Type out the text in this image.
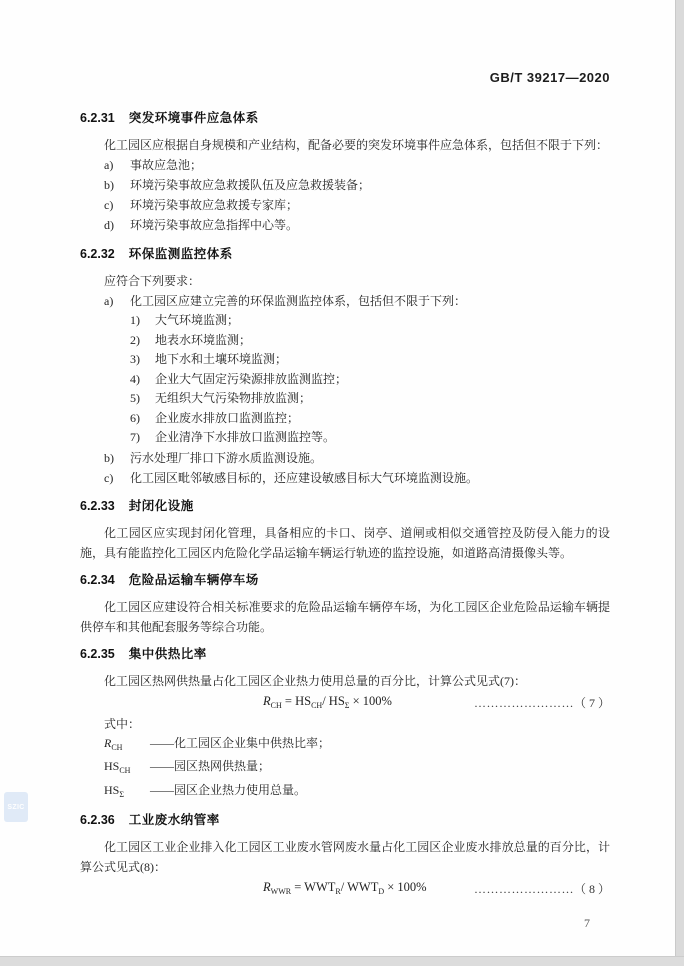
SZIC
GB/T 39217—2020
6.2.31 突发环境事件应急体系
化工园区应根据自身规模和产业结构，配备必要的突发环境事件应急体系，包括但不限于下列：
a)	事故应急池；
b)	环境污染事故应急救援队伍及应急救援装备；
c)	环境污染事故应急救援专家库；
d)	环境污染事故应急指挥中心等。
6.2.32 环保监测监控体系
应符合下列要求：
a)	化工园区应建立完善的环保监测监控体系，包括但不限于下列：
1)	大气环境监测；
2)	地表水环境监测；
3)	地下水和土壤环境监测；
4)	企业大气固定污染源排放监测监控；
5)	无组织大气污染物排放监测；
6)	企业废水排放口监测监控；
7)	企业清净下水排放口监测监控等。
b)	污水处理厂排口下游水质监测设施。
c)	化工园区毗邻敏感目标的，还应建设敏感目标大气环境监测设施。
6.2.33 封闭化设施
化工园区应实现封闭化管理，具备相应的卡口、岗亭、道闸或相似交通管控及防侵入能力的设施，具有能监控化工园区内危险化学品运输车辆运行轨迹的监控设施，如道路高清摄像头等。
6.2.34 危险品运输车辆停车场
化工园区应建设符合相关标准要求的危险品运输车辆停车场，为化工园区企业危险品运输车辆提供停车和其他配套服务等综合功能。
6.2.35 集中供热比率
化工园区热网供热量占化工园区企业热力使用总量的百分比，计算公式见式(7)：
$R_{CH} = HS_{CH}/$ $HS_\Sigma \times 100\%$	……………………（ 7 ）
式中：
$R_{CH}$	——化工园区企业集中供热比率；
$HS_{CH}$	——园区热网供热量；
$HS_\Sigma$	——园区企业热力使用总量。
6.2.36 工业废水纳管率
化工园区工业企业排入化工园区工业废水管网废水量占化工园区企业废水排放总量的百分比，计算公式见式(8)：
$R_{WWR} = WWT_R/$ $WWT_D \times 100\%$	……………………（ 8 ）
7
